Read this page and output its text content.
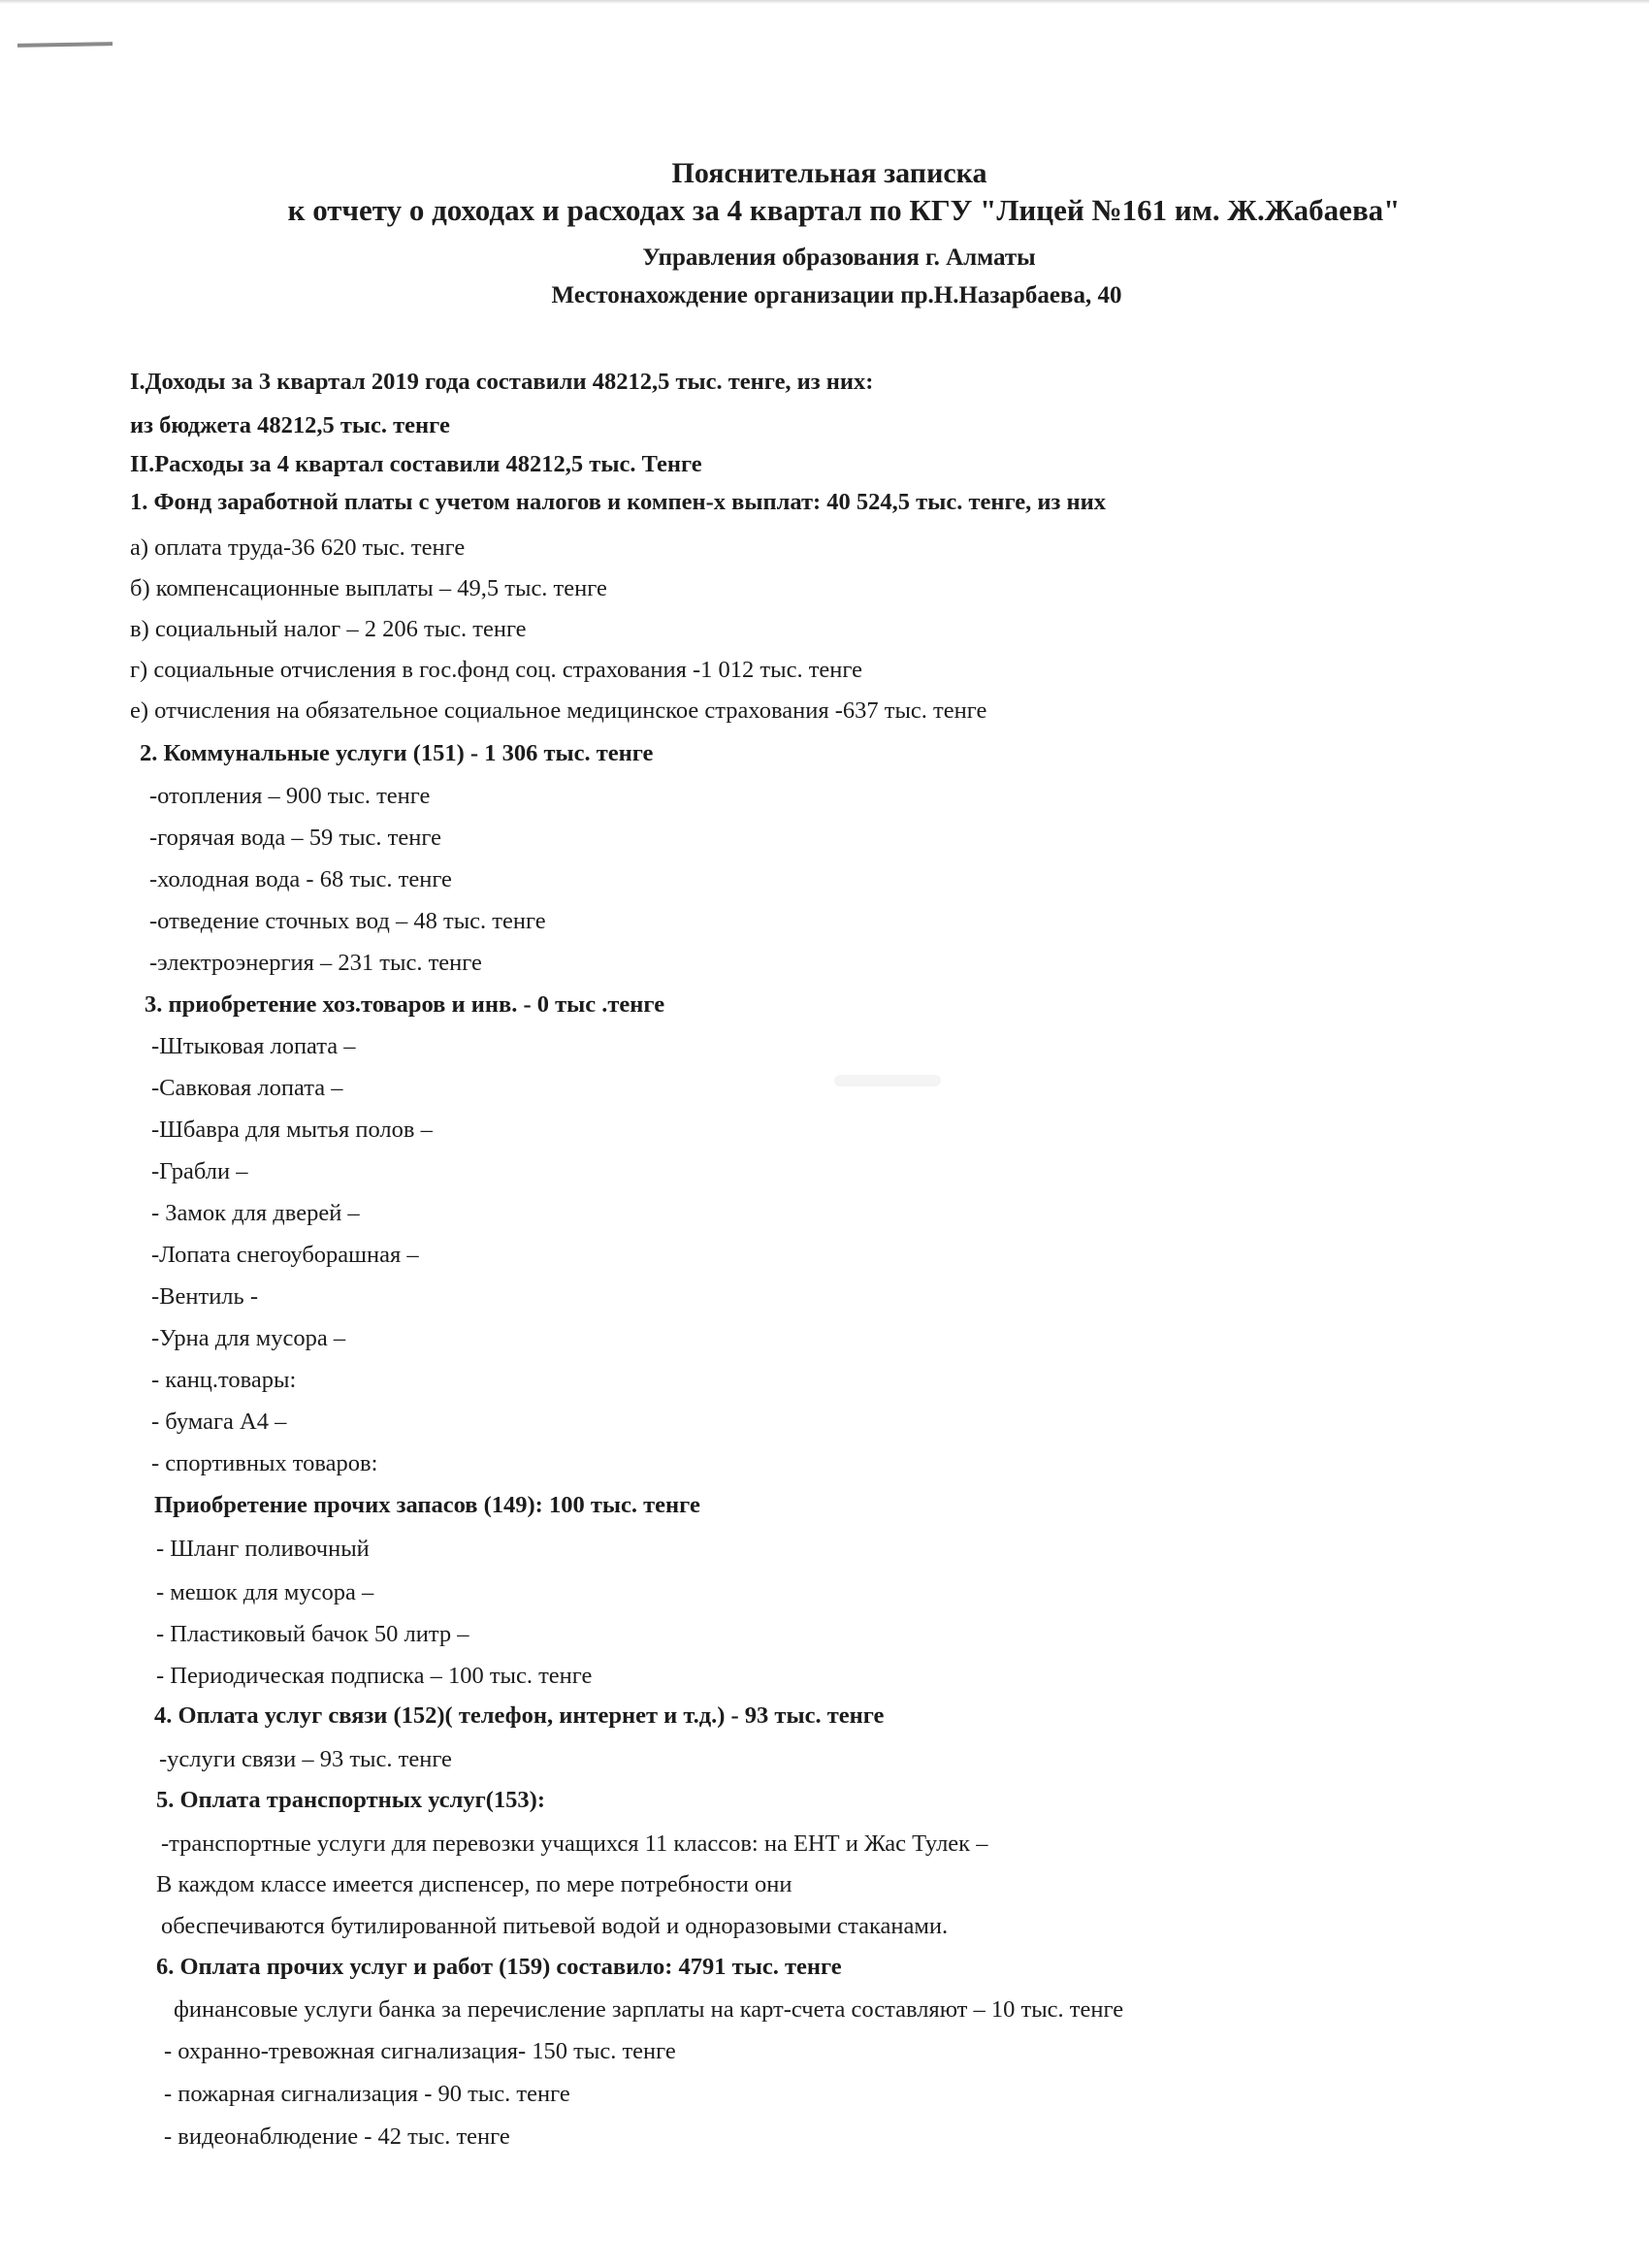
Пояснительная записка
к отчету о доходах и расходах за 4 квартал по КГУ "Лицей №161 им. Ж.Жабаева"
Управления образования г. Алматы
Местонахождение организации пр.Н.Назарбаева, 40
I.Доходы за 3 квартал 2019 года составили 48212,5 тыс. тенге, из них:
из бюджета 48212,5 тыс. тенге
II.Расходы за 4 квартал составили 48212,5 тыс. Тенге
1. Фонд заработной платы с учетом налогов и компен-х выплат: 40 524,5 тыс. тенге, из них
а) оплата труда-36 620 тыс. тенге
б) компенсационные выплаты – 49,5 тыс. тенге
в) социальный налог – 2 206 тыс. тенге
г) социальные отчисления в гос.фонд соц. страхования -1 012 тыс. тенге
е) отчисления на обязательное социальное медицинское страхования -637 тыс. тенге
2. Коммунальные услуги (151) - 1 306 тыс. тенге
-отопления – 900 тыс. тенге
-горячая вода – 59 тыс. тенге
-холодная вода - 68 тыс. тенге
-отведение сточных вод – 48 тыс. тенге
-электроэнергия – 231 тыс. тенге
3. приобретение хоз.товаров и инв. - 0 тыс .тенге
-Штыковая лопата –
-Савковая лопата –
-Шбавра для мытья полов –
-Грабли –
- Замок для дверей –
-Лопата снегоуборашная –
-Вентиль -
-Урна для мусора –
- канц.товары:
- бумага А4 –
- спортивных товаров:
Приобретение прочих запасов (149): 100 тыс. тенге
- Шланг поливочный
- мешок для мусора –
- Пластиковый бачок 50 литр –
- Периодическая подписка – 100 тыс. тенге
4. Оплата услуг связи (152)( телефон, интернет и т.д.) - 93 тыс. тенге
-услуги связи – 93 тыс. тенге
5. Оплата транспортных услуг(153):
-транспортные услуги для перевозки учащихся 11 классов: на ЕНТ и Жас Тулек –
В каждом классе имеется диспенсер, по мере потребности они
обеспечиваются бутилированной питьевой водой и одноразовыми стаканами.
6. Оплата прочих услуг и работ (159) составило: 4791 тыс. тенге
финансовые услуги банка за перечисление зарплаты на карт-счета составляют – 10 тыс. тенге
- охранно-тревожная сигнализация- 150 тыс. тенге
- пожарная сигнализация - 90 тыс. тенге
- видеонаблюдение - 42 тыс. тенге
